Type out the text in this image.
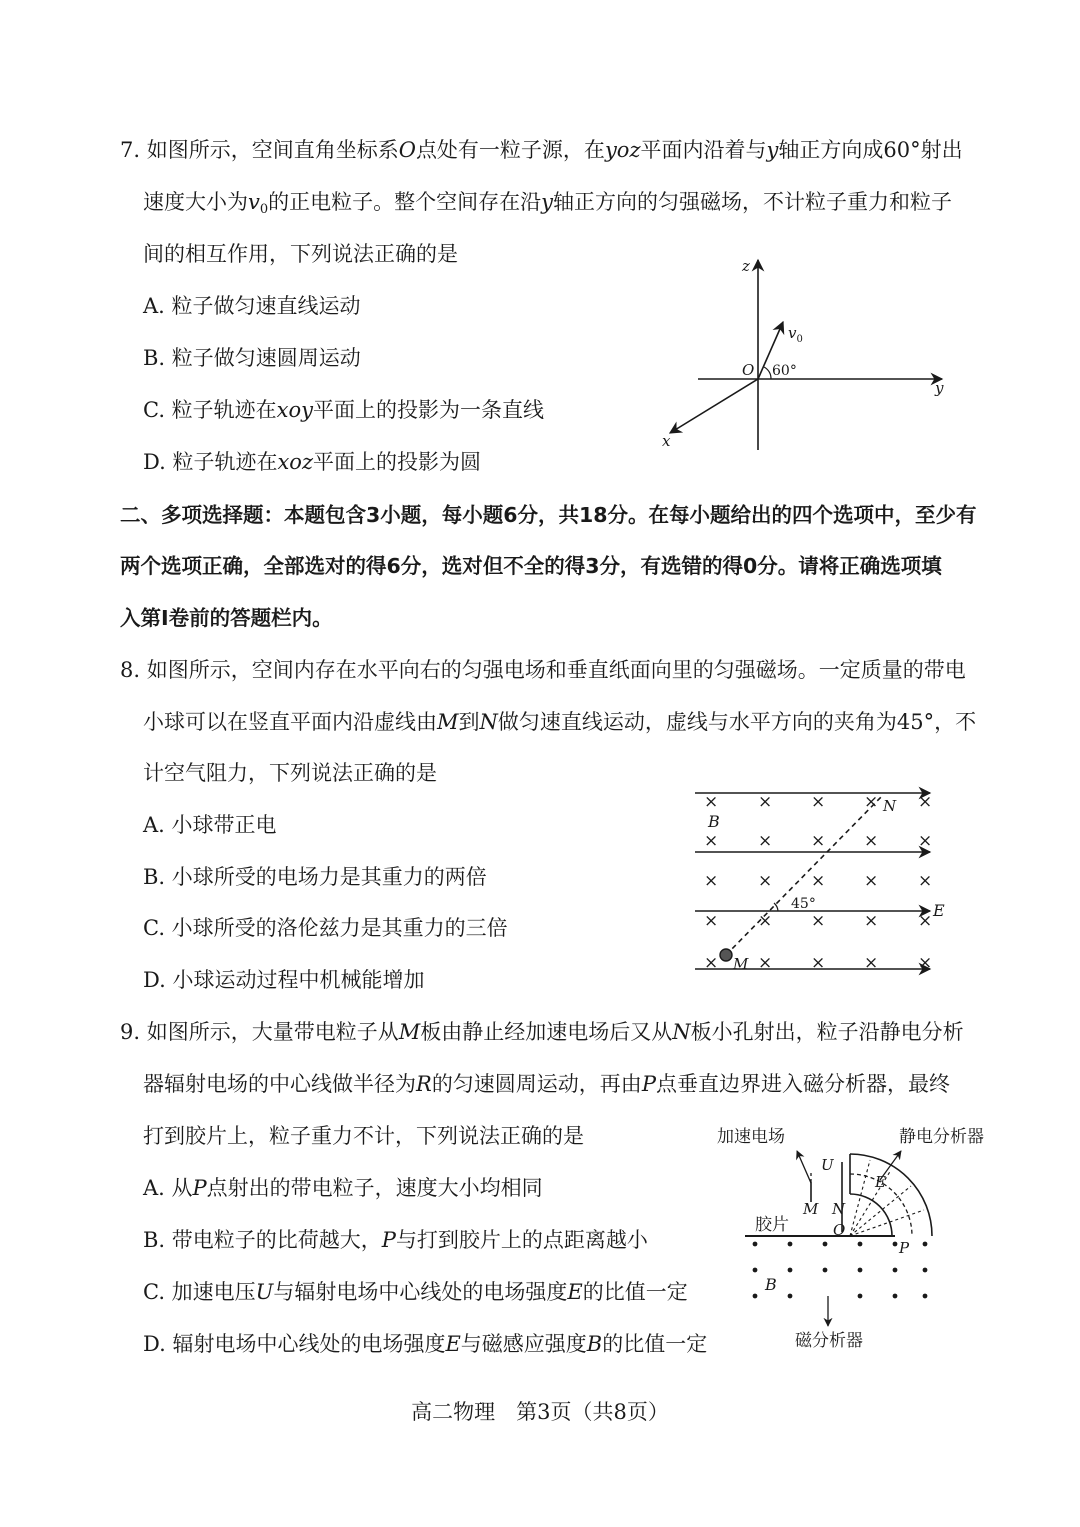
7. 如图所示，空间直角坐标系O点处有一粒子源，在yoz平面内沿着与y轴正方向成60°射出
速度大小为$v_0$的正电粒子。整个空间存在沿y轴正方向的匀强磁场，不计粒子重力和粒子
间的相互作用，下列说法正确的是
A. 粒子做匀速直线运动
B. 粒子做匀速圆周运动
C. 粒子轨迹在xoy平面上的投影为一条直线
D. 粒子轨迹在xoz平面上的投影为圆
z
y
x
O
$v_0$
60°
二、多项选择题：本题包含3小题，每小题6分，共18分。在每小题给出的四个选项中，至少有
两个选项正确，全部选对的得6分，选对但不全的得3分，有选错的得0分。请将正确选项填
入第Ⅰ卷前的答题栏内。
8. 如图所示，空间内存在水平向右的匀强电场和垂直纸面向里的匀强磁场。一定质量的带电
小球可以在竖直平面内沿虚线由M到N做匀速直线运动，虚线与水平方向的夹角为45°，不
计空气阻力，下列说法正确的是
A. 小球带正电
B. 小球所受的电场力是其重力的两倍
C. 小球所受的洛伦兹力是其重力的三倍
D. 小球运动过程中机械能增加
× × × × ×
× × × × ×
× × × × ×
× × × × ×
× × × × ×
B
N
M
E
45°
9. 如图所示，大量带电粒子从M板由静止经加速电场后又从N板小孔射出，粒子沿静电分析
器辐射电场的中心线做半径为R的匀速圆周运动，再由P点垂直边界进入磁分析器，最终
打到胶片上，粒子重力不计，下列说法正确的是
A. 从P点射出的带电粒子，速度大小均相同
B. 带电粒子的比荷越大，P与打到胶片上的点距离越小
C. 加速电压U与辐射电场中心线处的电场强度E的比值一定
D. 辐射电场中心线处的电场强度E与磁感应强度B的比值一定
加速电场	静电分析器
胶片
磁分析器
U
M N
O
E
P
B
高二物理　第3页（共8页）
